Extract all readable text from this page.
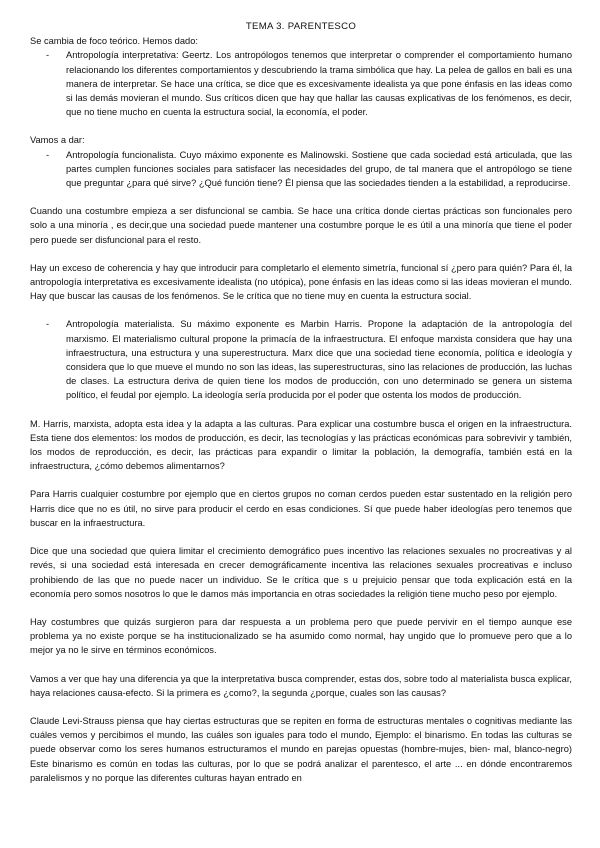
TEMA 3. PARENTESCO

Se cambia de foco teórico. Hemos dado:

-	Antropología interpretativa: Geertz. Los antropólogos tenemos que interpretar o comprender el comportamiento humano relacionando los diferentes comportamientos y descubriendo la trama simbólica que hay. La pelea de gallos en bali es una manera de interpretar. Se hace una crítica, se dice que es excesivamente idealista ya que pone énfasis en las ideas como si las demás movieran el mundo. Sus críticos dicen que hay que hallar las causas explicativas de los fenómenos, es decir, que no tiene mucho en cuenta la estructura social, la economía, el poder.

Vamos a dar:

-	Antropología funcionalista. Cuyo máximo exponente es Malinowski. Sostiene que cada sociedad está articulada, que las partes cumplen funciones sociales para satisfacer las necesidades del grupo, de tal manera que el antropólogo se tiene que preguntar ¿para qué sirve? ¿Qué función tiene? Él piensa que las sociedades tienden a la estabilidad, a reproducirse.

Cuando una costumbre empieza a ser disfuncional se cambia. Se hace una crítica donde ciertas prácticas son funcionales pero solo a una minoría , es decir,que una sociedad puede mantener una costumbre porque le es útil a una minoría que tiene el poder pero puede ser disfuncional para el resto.

Hay un exceso de coherencia y hay que introducir para completarlo el elemento simetría, funcional sí ¿pero para quién? Para él, la antropología interpretativa es excesivamente idealista (no utópica), pone énfasis en las ideas como si las ideas movieran el mundo. Hay que buscar las causas de los fenómenos. Se le crítica que no tiene muy en cuenta la estructura social.

-	Antropología materialista. Su máximo exponente es Marbin Harris. Propone la adaptación de la antropología del marxismo. El materialismo cultural propone la primacía de la infraestructura. El enfoque marxista considera que hay una infraestructura, una estructura y una superestructura. Marx dice que una sociedad tiene economía, política e ideología y considera que lo que mueve el mundo no son las ideas, las superestructuras, sino las relaciones de producción, las luchas de clases. La estructura deriva de quien tiene los modos de producción, con uno determinado se genera un sistema político, el feudal por ejemplo. La ideología sería producida por el poder que ostenta los modos de producción.

M. Harris, marxista, adopta esta idea y la adapta a las culturas. Para explicar una costumbre busca el origen en la infraestructura. Esta tiene dos elementos: los modos de producción, es decir, las tecnologías y las prácticas económicas para sobrevivir y también, los modos de reproducción, es decir, las prácticas para expandir o limitar la población, la demografía, también está en la infraestructura, ¿cómo debemos alimentarnos?

Para Harris cualquier costumbre por ejemplo que en ciertos grupos no coman cerdos pueden estar sustentado en la religión pero Harris dice que no es útil, no sirve para producir el cerdo en esas condiciones. Sí que puede haber ideologías pero tenemos que buscar en la infraestructura.

Dice que una sociedad que quiera limitar el crecimiento demográfico pues incentivo las relaciones sexuales no procreativas y al revés, si una sociedad está interesada en crecer demográficamente incentiva las relaciones sexuales procreativas e incluso prohibiendo de las que no puede nacer un individuo. Se le crítica que s u prejuicio pensar que toda explicación está en la economía pero somos nosotros lo que le damos más importancia en otras sociedades la religión tiene mucho peso por ejemplo.

Hay costumbres que quizás surgieron para dar respuesta a un problema pero que puede pervivir en el tiempo aunque ese problema ya no existe porque se ha institucionalizado se ha asumido como normal, hay ungido que lo promueve pero que a lo mejor ya no le sirve en términos económicos.

Vamos a ver que hay una diferencia ya que la interpretativa busca comprender, estas dos, sobre todo al materialista busca explicar, haya relaciones causa-efecto. Si la primera es ¿como?, la segunda ¿porque, cuales son las causas?

Claude Levi-Strauss piensa que hay ciertas estructuras que se repiten en forma de estructuras mentales o cognitivas mediante las cuáles vemos y percibimos el mundo, las cuáles son iguales para todo el mundo, Ejemplo: el binarismo. En todas las culturas se puede observar como los seres humanos estructuramos el mundo en parejas opuestas (hombre-mujes, bien- mal, blanco-negro) Este binarismo es común en todas las culturas, por lo que se podrá analizar el parentesco, el arte ... en dónde encontraremos paralelismos y no porque las diferentes culturas hayan entrado en
